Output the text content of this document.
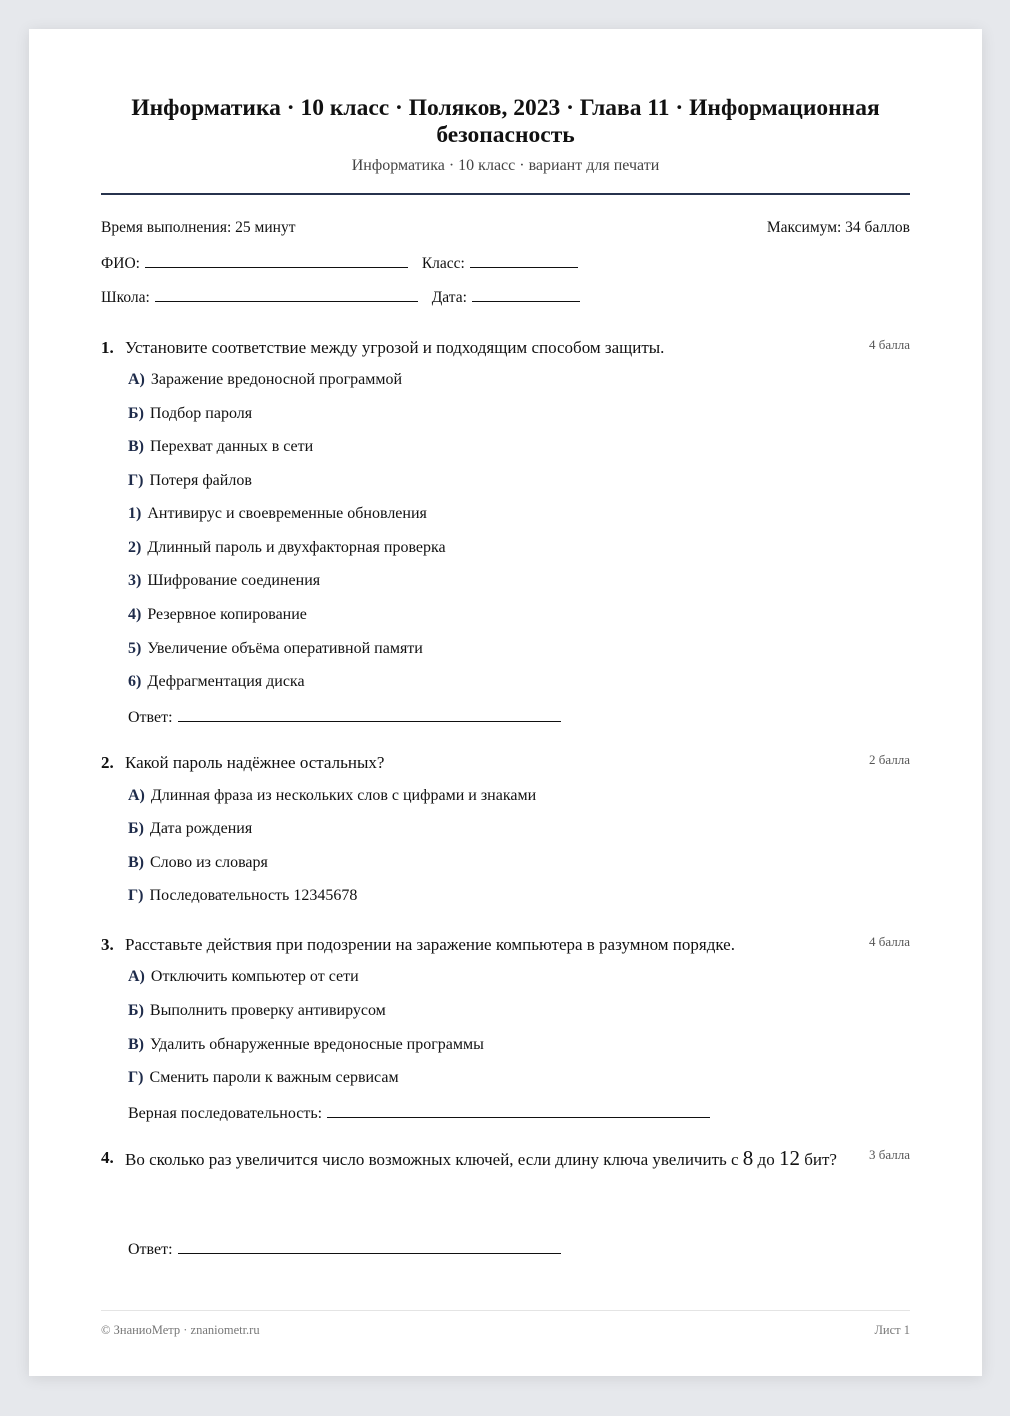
Информатика · 10 класс · Поляков, 2023 · Глава 11 · Информационная безопасность
Информатика · 10 класс · вариант для печати
Время выполнения: 25 минут	Максимум: 34 баллов
ФИО:	Класс:
Школа:	Дата:
1. Установите соответствие между угрозой и подходящим способом защиты.	4 балла
А) Заражение вредоносной программой
Б) Подбор пароля
В) Перехват данных в сети
Г) Потеря файлов
1) Антивирус и своевременные обновления
2) Длинный пароль и двухфакторная проверка
3) Шифрование соединения
4) Резервное копирование
5) Увеличение объёма оперативной памяти
6) Дефрагментация диска
Ответ:
2. Какой пароль надёжнее остальных?	2 балла
А) Длинная фраза из нескольких слов с цифрами и знаками
Б) Дата рождения
В) Слово из словаря
Г) Последовательность 12345678
3. Расставьте действия при подозрении на заражение компьютера в разумном порядке.	4 балла
А) Отключить компьютер от сети
Б) Выполнить проверку антивирусом
В) Удалить обнаруженные вредоносные программы
Г) Сменить пароли к важным сервисам
Верная последовательность:
4. Во сколько раз увеличится число возможных ключей, если длину ключа увеличить с 8 до 12 бит? 3 балла
Ответ:
© ЗнаниоМетр · znaniometr.ru	Лист 1
